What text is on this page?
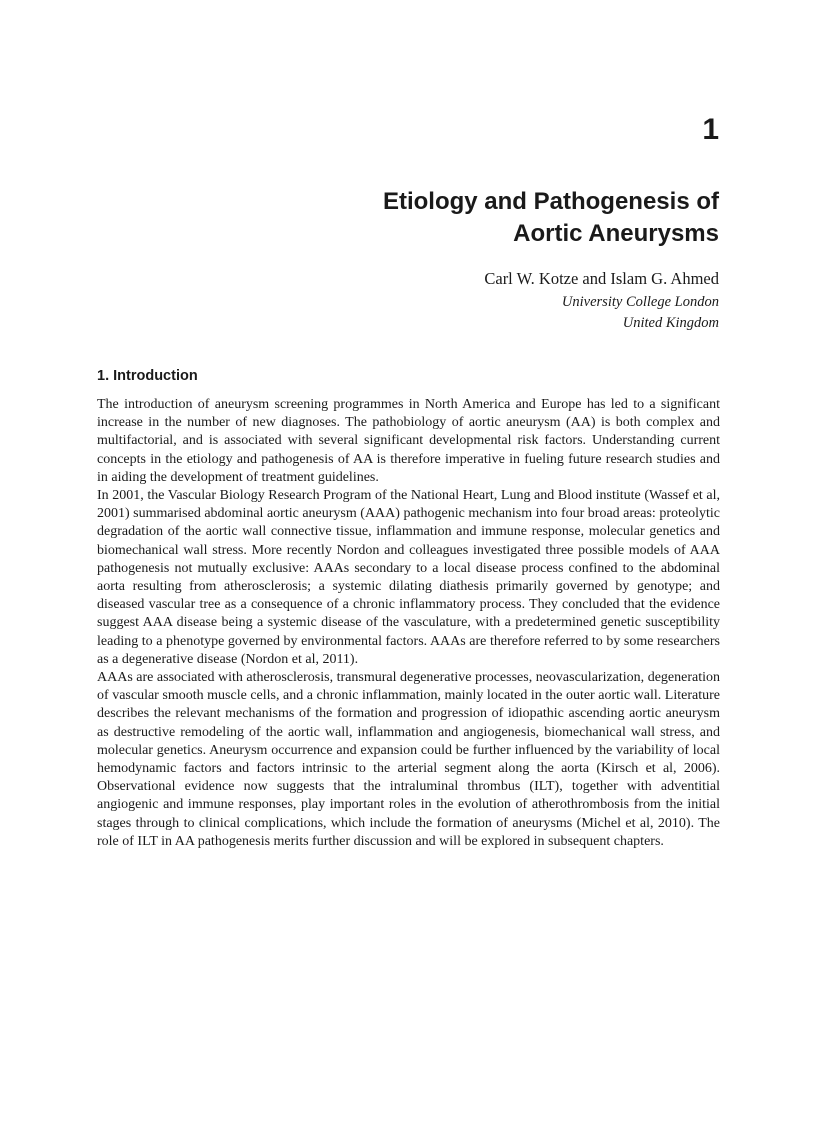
1
Etiology and Pathogenesis of
Aortic Aneurysms
Carl W. Kotze and Islam G. Ahmed
University College London
United Kingdom
1. Introduction

The introduction of aneurysm screening programmes in North America and Europe has led to a significant increase in the number of new diagnoses. The pathobiology of aortic aneurysm (AA) is both complex and multifactorial, and is associated with several significant developmental risk factors. Understanding current concepts in the etiology and pathogenesis of AA is therefore imperative in fueling future research studies and in aiding the development of treatment guidelines.

In 2001, the Vascular Biology Research Program of the National Heart, Lung and Blood institute (Wassef et al, 2001) summarised abdominal aortic aneurysm (AAA) pathogenic mechanism into four broad areas: proteolytic degradation of the aortic wall connective tissue, inflammation and immune response, molecular genetics and biomechanical wall stress. More recently Nordon and colleagues investigated three possible models of AAA pathogenesis not mutually exclusive: AAAs secondary to a local disease process confined to the abdominal aorta resulting from atherosclerosis; a systemic dilating diathesis primarily governed by genotype; and diseased vascular tree as a consequence of a chronic inflammatory process. They concluded that the evidence suggest AAA disease being a systemic disease of the vasculature, with a predetermined genetic susceptibility leading to a phenotype governed by environmental factors. AAAs are therefore referred to by some researchers as a degenerative disease (Nordon et al, 2011).

AAAs are associated with atherosclerosis, transmural degenerative processes, neovascularization, degeneration of vascular smooth muscle cells, and a chronic inflammation, mainly located in the outer aortic wall. Literature describes the relevant mechanisms of the formation and progression of idiopathic ascending aortic aneurysm as destructive remodeling of the aortic wall, inflammation and angiogenesis, biomechanical wall stress, and molecular genetics. Aneurysm occurrence and expansion could be further influenced by the variability of local hemodynamic factors and factors intrinsic to the arterial segment along the aorta (Kirsch et al, 2006). Observational evidence now suggests that the intraluminal thrombus (ILT), together with adventitial angiogenic and immune responses, play important roles in the evolution of atherothrombosis from the initial stages through to clinical complications, which include the formation of aneurysms (Michel et al, 2010). The role of ILT in AA pathogenesis merits further discussion and will be explored in subsequent chapters.
